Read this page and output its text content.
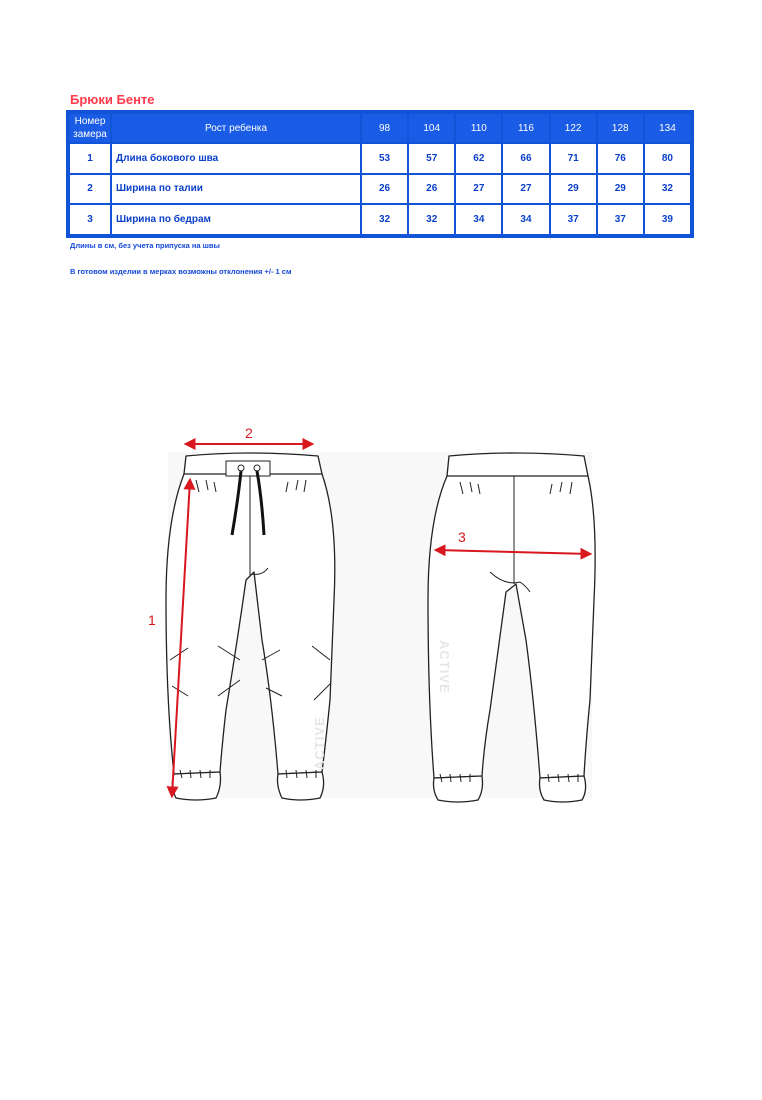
Брюки Бенте
Номер
замера	Рост ребенка	98	104	110	116	122	128	134
1	Длина бокового шва	53	57	62	66	71	76	80
2	Ширина по талии	26	26	27	27	29	29	32
3	Ширина по бедрам	32	32	34	34	37	37	39
Длины в см, без учета припуска на швы
В готовом изделии в мерках возможны отклонения +/- 1 см
ACTIVE
ACTIVE
2
1
3
